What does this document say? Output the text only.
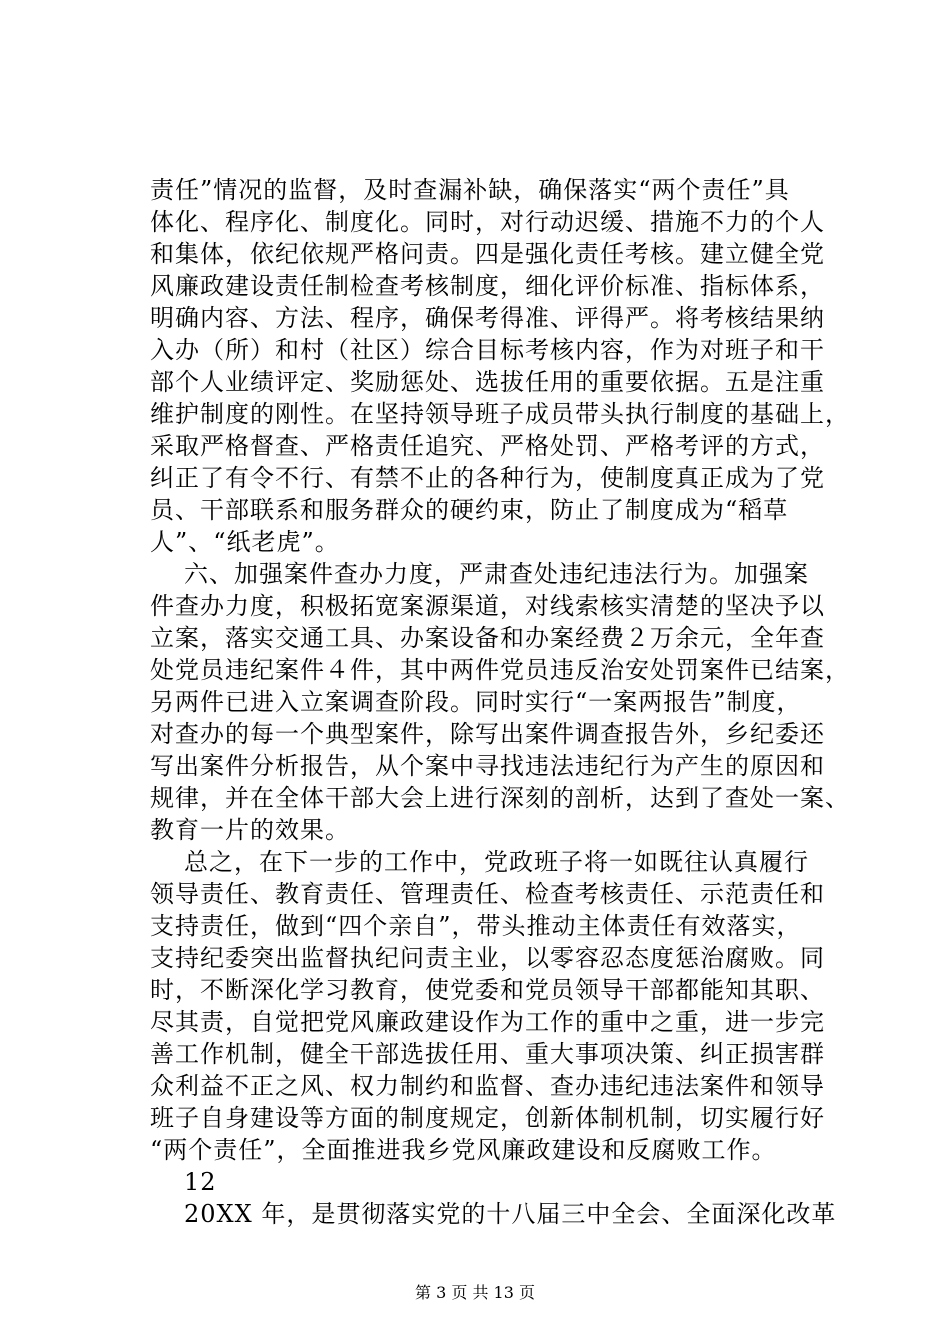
责任”情况的监督，及时查漏补缺，确保落实“两个责任”具
体化、程序化、制度化。同时，对行动迟缓、措施不力的个人
和集体，依纪依规严格问责。四是强化责任考核。建立健全党
风廉政建设责任制检查考核制度，细化评价标准、指标体系，
明确内容、方法、程序，确保考得准、评得严。将考核结果纳
入办（所）和村（社区）综合目标考核内容，作为对班子和干
部个人业绩评定、奖励惩处、选拔任用的重要依据。五是注重
维护制度的刚性。在坚持领导班子成员带头执行制度的基础上，
采取严格督查、严格责任追究、严格处罚、严格考评的方式，
纠正了有令不行、有禁不止的各种行为，使制度真正成为了党
员、干部联系和服务群众的硬约束，防止了制度成为“稻草
人”、“纸老虎”。
六、加强案件查办力度，严肃查处违纪违法行为。加强案
件查办力度，积极拓宽案源渠道，对线索核实清楚的坚决予以
立案，落实交通工具、办案设备和办案经费２万余元，全年查
处党员违纪案件４件，其中两件党员违反治安处罚案件已结案，
另两件已进入立案调查阶段。同时实行“一案两报告”制度，
对查办的每一个典型案件，除写出案件调查报告外，乡纪委还
写出案件分析报告，从个案中寻找违法违纪行为产生的原因和
规律，并在全体干部大会上进行深刻的剖析，达到了查处一案、
教育一片的效果。
总之，在下一步的工作中，党政班子将一如既往认真履行
领导责任、教育责任、管理责任、检查考核责任、示范责任和
支持责任，做到“四个亲自”，带头推动主体责任有效落实，
支持纪委突出监督执纪问责主业，以零容忍态度惩治腐败。同
时，不断深化学习教育，使党委和党员领导干部都能知其职、
尽其责，自觉把党风廉政建设作为工作的重中之重，进一步完
善工作机制，健全干部选拔任用、重大事项决策、纠正损害群
众利益不正之风、权力制约和监督、查办违纪违法案件和领导
班子自身建设等方面的制度规定，创新体制机制，切实履行好
“两个责任”，全面推进我乡党风廉政建设和反腐败工作。
12
20XX 年，是贯彻落实党的十八届三中全会、全面深化改革
第 3 页 共 13 页
